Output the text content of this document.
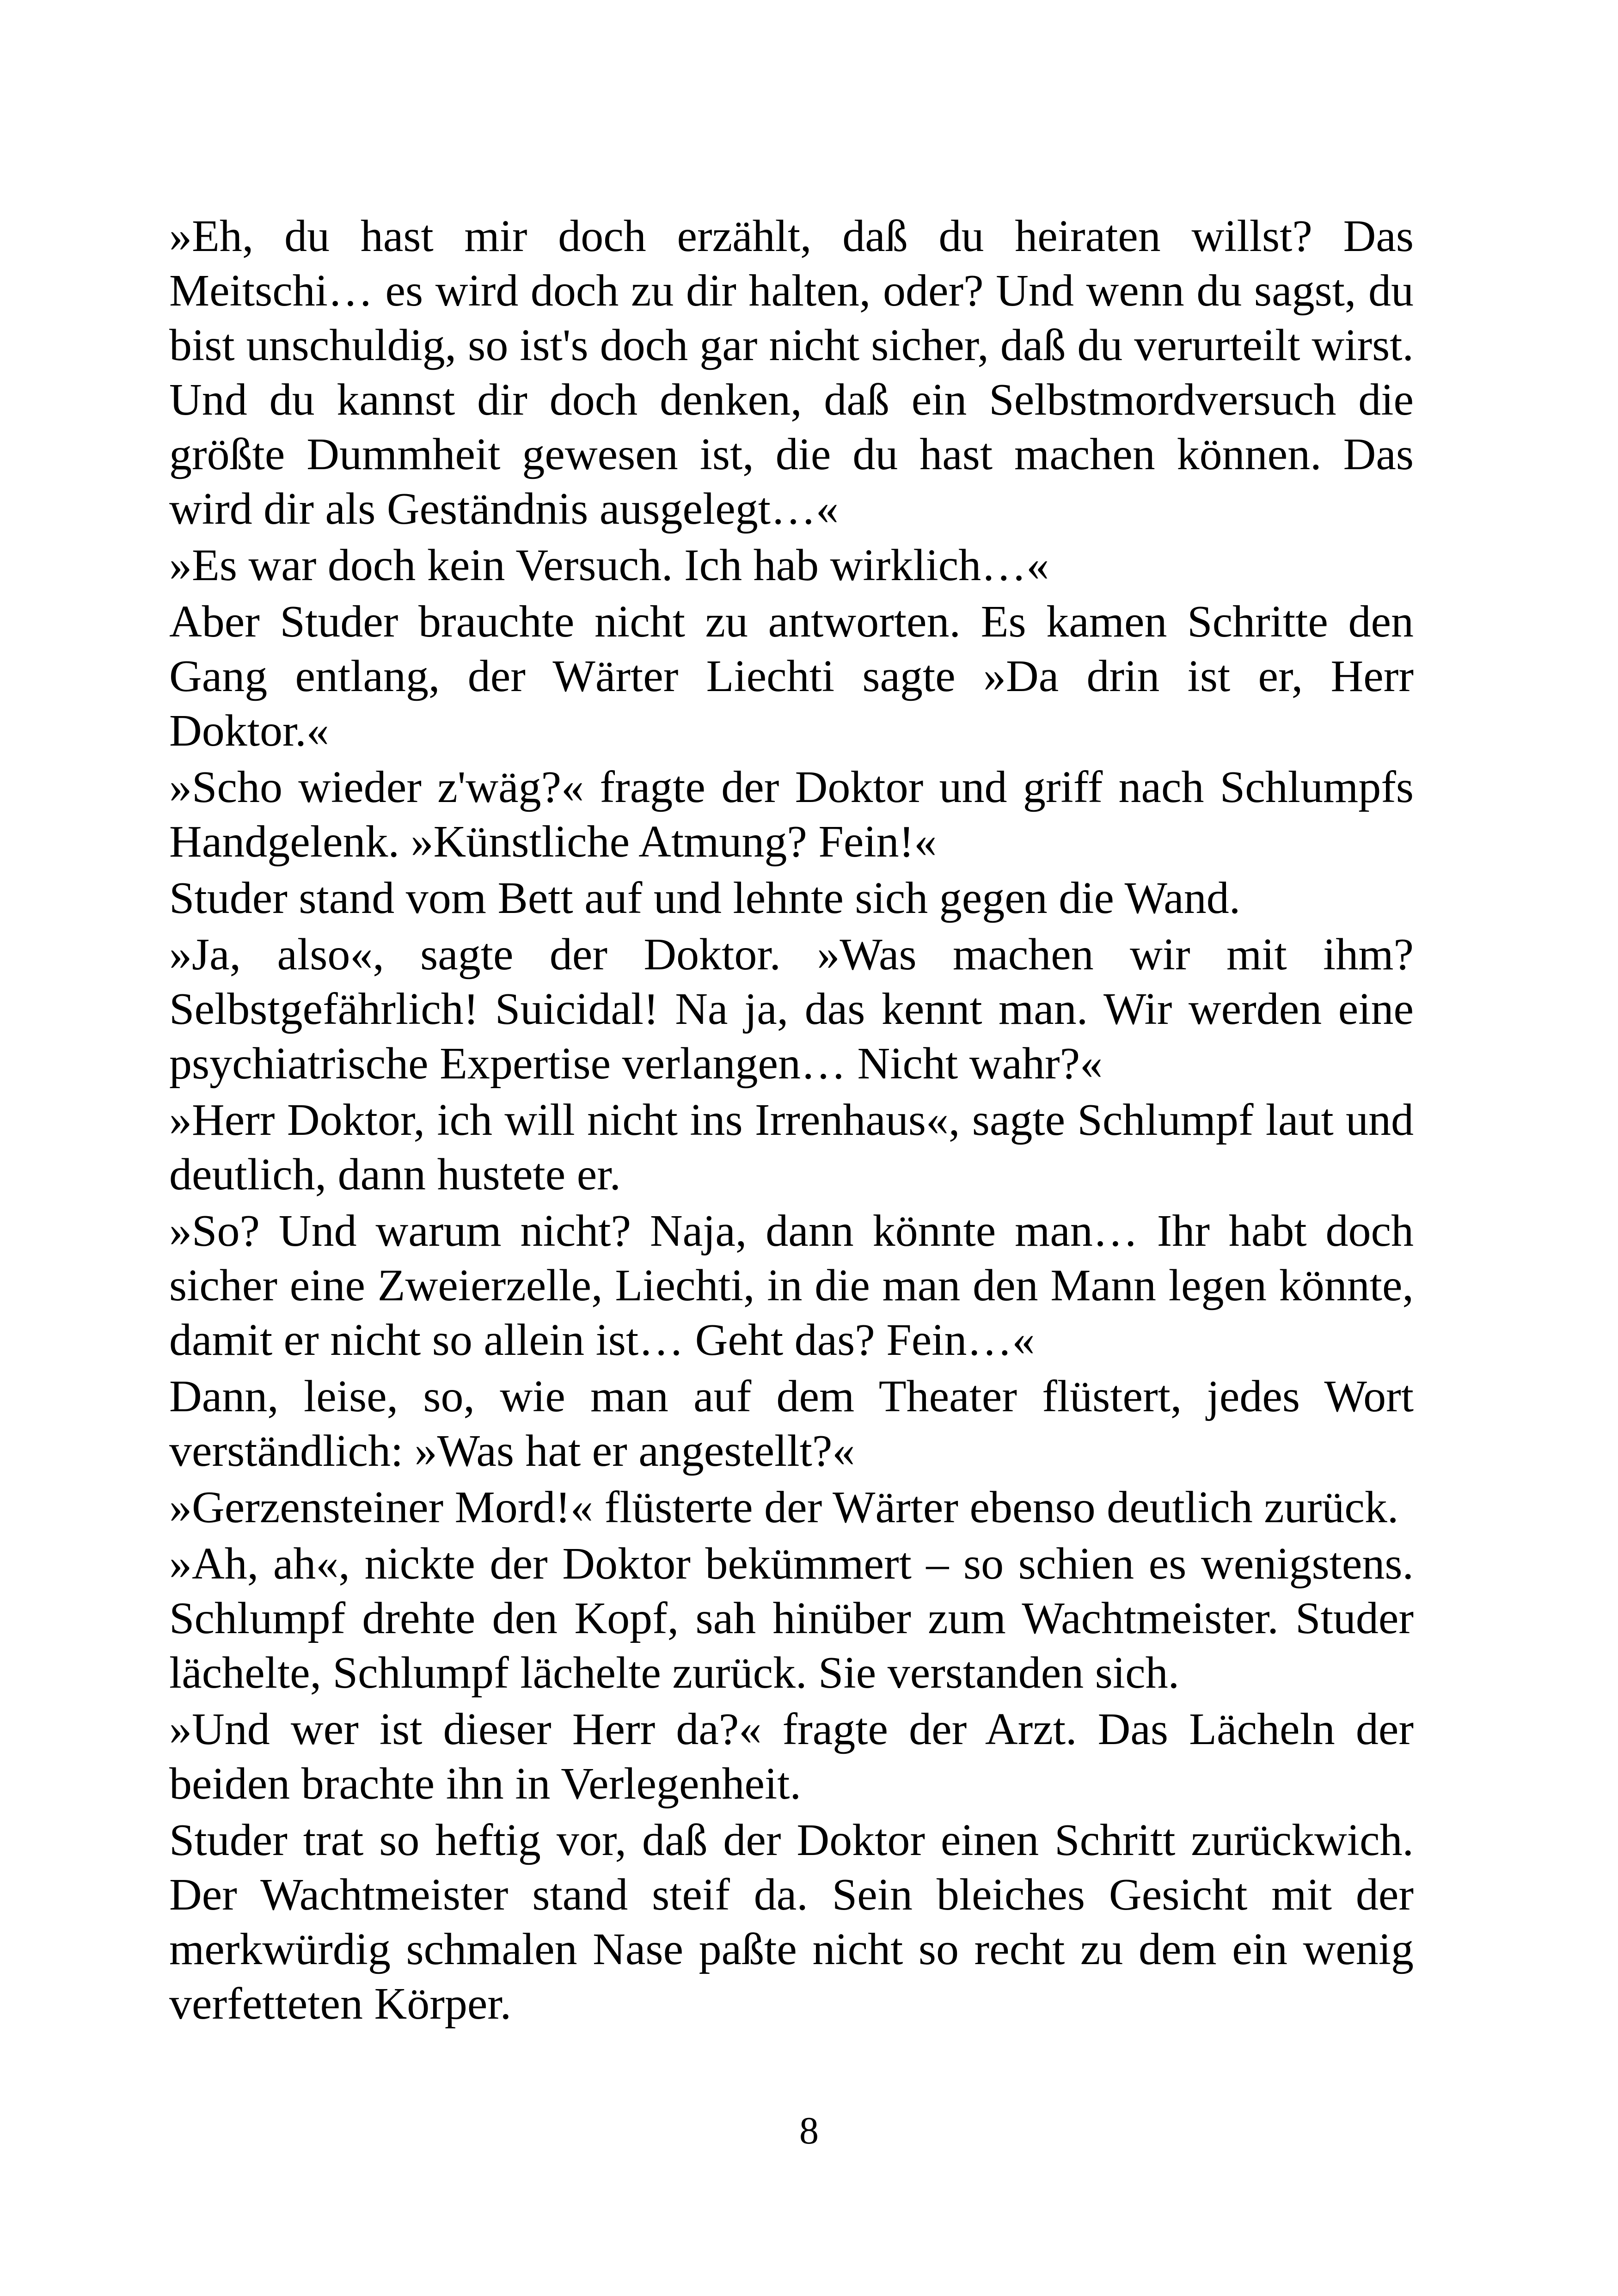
»Eh, du hast mir doch erzählt, daß du heiraten willst? Das Meitschi… es wird doch zu dir halten, oder? Und wenn du sagst, du bist unschuldig, so ist's doch gar nicht sicher, daß du verurteilt wirst. Und du kannst dir doch denken, daß ein Selbstmordversuch die größte Dummheit gewesen ist, die du hast machen können. Das wird dir als Geständnis ausgelegt…«

»Es war doch kein Versuch. Ich hab wirklich…«

Aber Studer brauchte nicht zu antworten. Es kamen Schritte den Gang entlang, der Wärter Liechti sagte »Da drin ist er, Herr Doktor.«

»Scho wieder z'wäg?« fragte der Doktor und griff nach Schlumpfs Handgelenk. »Künstliche Atmung? Fein!«

Studer stand vom Bett auf und lehnte sich gegen die Wand.

»Ja, also«, sagte der Doktor. »Was machen wir mit ihm? Selbstgefährlich! Suicidal! Na ja, das kennt man. Wir werden eine psychiatrische Expertise verlangen… Nicht wahr?«

»Herr Doktor, ich will nicht ins Irrenhaus«, sagte Schlumpf laut und deutlich, dann hustete er.

»So? Und warum nicht? Naja, dann könnte man… Ihr habt doch sicher eine Zweierzelle, Liechti, in die man den Mann legen könnte, damit er nicht so allein ist… Geht das? Fein…«

Dann, leise, so, wie man auf dem Theater flüstert, jedes Wort verständlich: »Was hat er angestellt?«

»Gerzensteiner Mord!« flüsterte der Wärter ebenso deutlich zurück.

»Ah, ah«, nickte der Doktor bekümmert – so schien es wenigstens. Schlumpf drehte den Kopf, sah hinüber zum Wachtmeister. Studer lächelte, Schlumpf lächelte zurück. Sie verstanden sich.

»Und wer ist dieser Herr da?« fragte der Arzt. Das Lächeln der beiden brachte ihn in Verlegenheit.

Studer trat so heftig vor, daß der Doktor einen Schritt zurückwich. Der Wachtmeister stand steif da. Sein bleiches Gesicht mit der merkwürdig schmalen Nase paßte nicht so recht zu dem ein wenig verfetteten Körper.

8
